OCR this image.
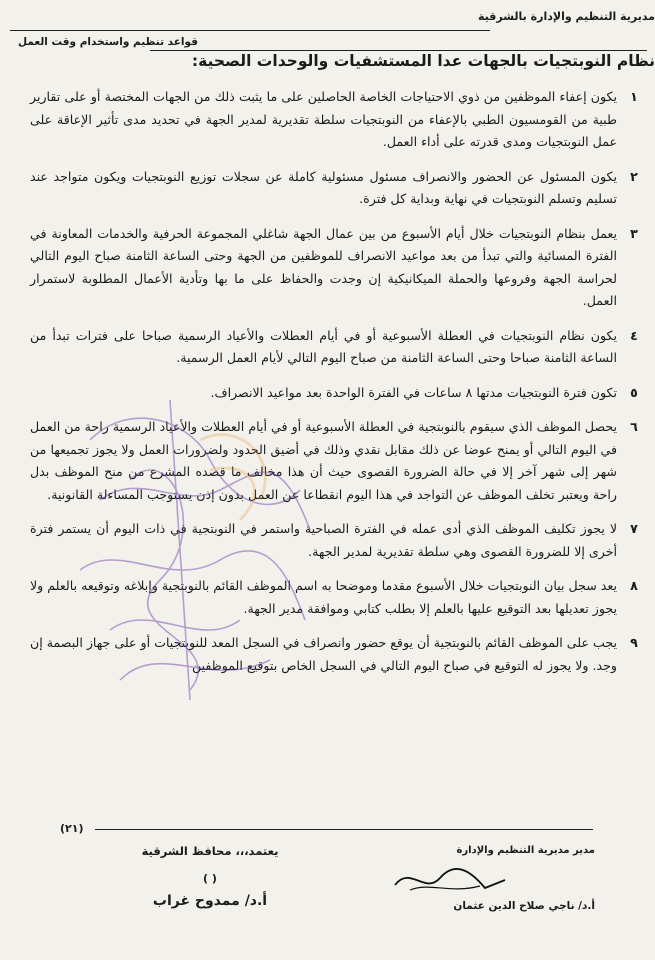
مديرية التنظيم والإدارة بالشرقية
قواعد تنظيم واستخدام وقت العمل
نظام النوبتجيات بالجهات عدا المستشفيات والوحدات الصحية:
١
يكون إعفاء الموظفين من ذوي الاحتياجات الخاصة الحاصلين على ما يثبت ذلك من الجهات المختصة أو على تقارير طبية من القومسيون الطبي بالإعفاء من النوبتجيات سلطة تقديرية لمدير الجهة في تحديد مدى تأثير الإعاقة على عمل النوبتجيات ومدى قدرته على أداء العمل.
٢
يكون المسئول عن الحضور والانصراف مسئول مسئولية كاملة عن سجلات توزيع النوبتجيات ويكون متواجد عند تسليم وتسلم النوبتجيات في نهاية وبداية كل فترة.
٣
يعمل بنظام النوبتجيات خلال أيام الأسبوع من بين عمال الجهة شاغلي المجموعة الحرفية والخدمات المعاونة في الفترة المسائية والتي تبدأ من بعد مواعيد الانصراف للموظفين من الجهة وحتى الساعة الثامنة صباح اليوم التالي لحراسة الجهة وفروعها والحملة الميكانيكية إن وجدت والحفاظ على ما بها وتأدية الأعمال المطلوبة لاستمرار العمل.
٤
يكون نظام النوبتجيات في العطلة الأسبوعية أو في أيام العطلات والأعياد الرسمية صباحا على فترات تبدأ من الساعة الثامنة صباحا وحتى الساعة الثامنة من صباح اليوم التالي لأيام العمل الرسمية.
٥
تكون فترة النوبتجيات مدتها ٨ ساعات في الفترة الواحدة بعد مواعيد الانصراف.
٦
يحصل الموظف الذي سيقوم بالنوبتجية في العطلة الأسبوعية أو في أيام العطلات والأعياد الرسمية راحة من العمل في اليوم التالي أو يمنح عوضا عن ذلك مقابل نقدي وذلك في أضيق الحدود ولضرورات العمل ولا يجوز تجميعها من شهر إلى شهر آخر إلا في حالة الضرورة القصوى حيث أن هذا مخالف ما قصده المشرع من منح الموظف بدل راحة ويعتبر تخلف الموظف عن التواجد في هذا اليوم انقطاعا عن العمل بدون إذن يستوجب المساءلة القانونية.
٧
لا يجوز تكليف الموظف الذي أدى عمله في الفترة الصباحية واستمر في النوبتجية في ذات اليوم أن يستمر فترة أخرى إلا للضرورة القصوى وهي سلطة تقديرية لمدير الجهة.
٨
يعد سجل بيان النوبتجيات خلال الأسبوع مقدما وموضحا به اسم الموظف القائم بالنوبتجية وإبلاغه وتوقيعه بالعلم ولا يجوز تعديلها بعد التوقيع عليها بالعلم إلا بطلب كتابي وموافقة مدير الجهة.
٩
يجب على الموظف القائم بالنوبتجية أن يوقع حضور وانصراف في السجل المعد للنوبتجيات أو على جهاز البصمة إن وجد. ولا يجوز له التوقيع في صباح اليوم التالي في السجل الخاص بتوقيع الموظفين
(٢١)
مدير مديرية التنظيم والإدارة
أ.د/ ناجي صلاح الدين عثمان
يعتمد،،، محافظ الشرقية
( )
أ.د/ ممدوح غراب
